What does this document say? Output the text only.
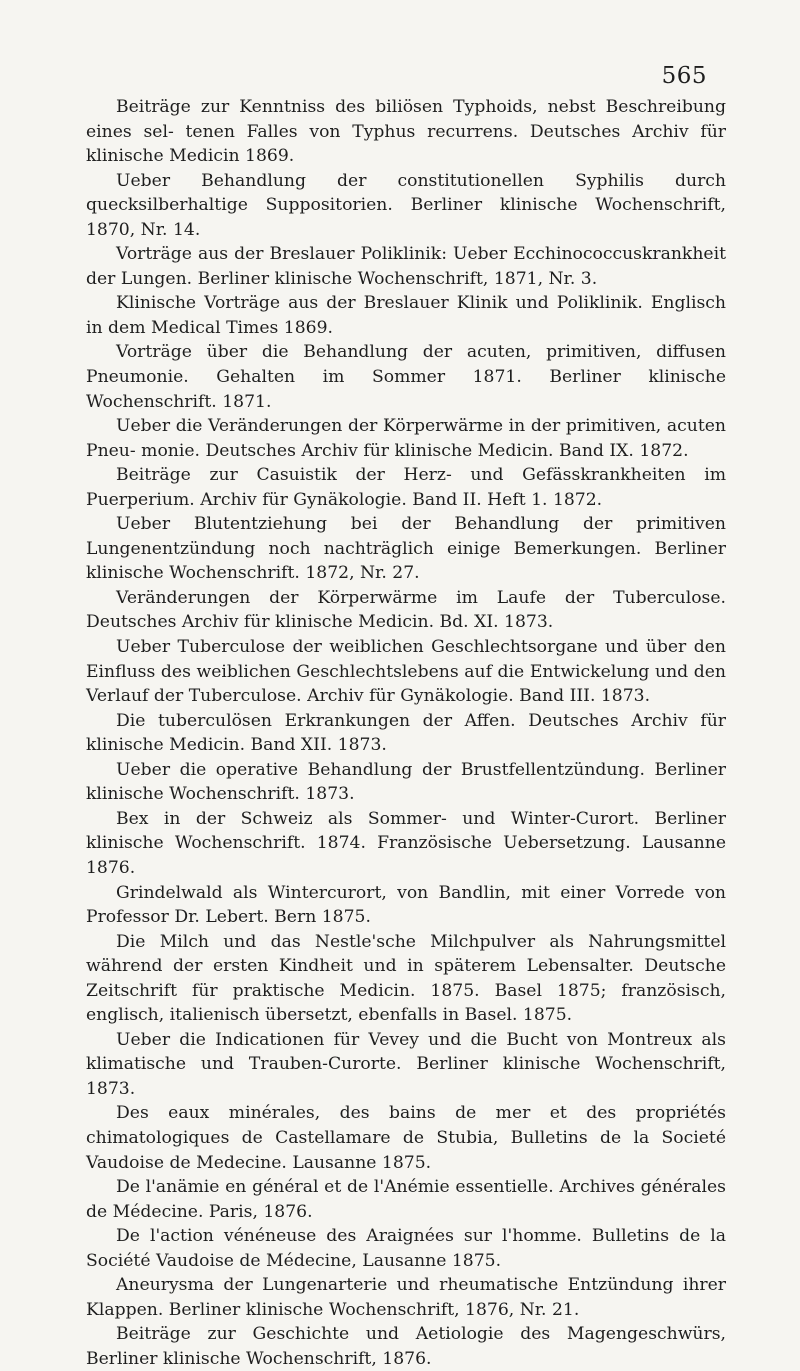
565

Beiträge zur Kenntniss des biliösen Typhoids, nebst Beschreibung eines sel- tenen Falles von Typhus recurrens. Deutsches Archiv für klinische Medicin 1869.

Ueber Behandlung der constitutionellen Syphilis durch quecksilberhaltige Suppositorien. Berliner klinische Wochenschrift, 1870, Nr. 14.

Vorträge aus der Breslauer Poliklinik: Ueber Ecchinococcuskrankheit der Lungen. Berliner klinische Wochenschrift, 1871, Nr. 3.

Klinische Vorträge aus der Breslauer Klinik und Poliklinik. Englisch in dem Medical Times 1869.

Vorträge über die Behandlung der acuten, primitiven, diffusen Pneumonie. Gehalten im Sommer 1871. Berliner klinische Wochenschrift. 1871.

Ueber die Veränderungen der Körperwärme in der primitiven, acuten Pneu- monie. Deutsches Archiv für klinische Medicin. Band IX. 1872.

Beiträge zur Casuistik der Herz- und Gefässkrankheiten im Puerperium. Archiv für Gynäkologie. Band II. Heft 1. 1872.

Ueber Blutentziehung bei der Behandlung der primitiven Lungenentzündung noch nachträglich einige Bemerkungen. Berliner klinische Wochenschrift. 1872, Nr. 27.

Veränderungen der Körperwärme im Laufe der Tuberculose. Deutsches Archiv für klinische Medicin. Bd. XI. 1873.

Ueber Tuberculose der weiblichen Geschlechtsorgane und über den Einfluss des weiblichen Geschlechtslebens auf die Entwickelung und den Verlauf der Tuberculose. Archiv für Gynäkologie. Band III. 1873.

Die tuberculösen Erkrankungen der Affen. Deutsches Archiv für klinische Medicin. Band XII. 1873.

Ueber die operative Behandlung der Brustfellentzündung. Berliner klinische Wochenschrift. 1873.

Bex in der Schweiz als Sommer- und Winter-Curort. Berliner klinische Wochenschrift. 1874. Französische Uebersetzung. Lausanne 1876.

Grindelwald als Wintercurort, von Bandlin, mit einer Vorrede von Professor Dr. Lebert. Bern 1875.

Die Milch und das Nestle'sche Milchpulver als Nahrungsmittel während der ersten Kindheit und in späterem Lebensalter. Deutsche Zeitschrift für praktische Medicin. 1875. Basel 1875; französisch, englisch, italienisch übersetzt, ebenfalls in Basel. 1875.

Ueber die Indicationen für Vevey und die Bucht von Montreux als klimatische und Trauben-Curorte. Berliner klinische Wochenschrift, 1873.

Des eaux minérales, des bains de mer et des propriétés chimatologiques de Castellamare de Stubia, Bulletins de la Societé Vaudoise de Medecine. Lausanne 1875.

De l'anämie en général et de l'Anémie essentielle. Archives générales de Médecine. Paris, 1876.

De l'action vénéneuse des Araignées sur l'homme. Bulletins de la Société Vaudoise de Médecine, Lausanne 1875.

Aneurysma der Lungenarterie und rheumatische Entzündung ihrer Klappen. Berliner klinische Wochenschrift, 1876, Nr. 21.

Beiträge zur Geschichte und Aetiologie des Magengeschwürs, Berliner klinische Wochenschrift, 1876.
